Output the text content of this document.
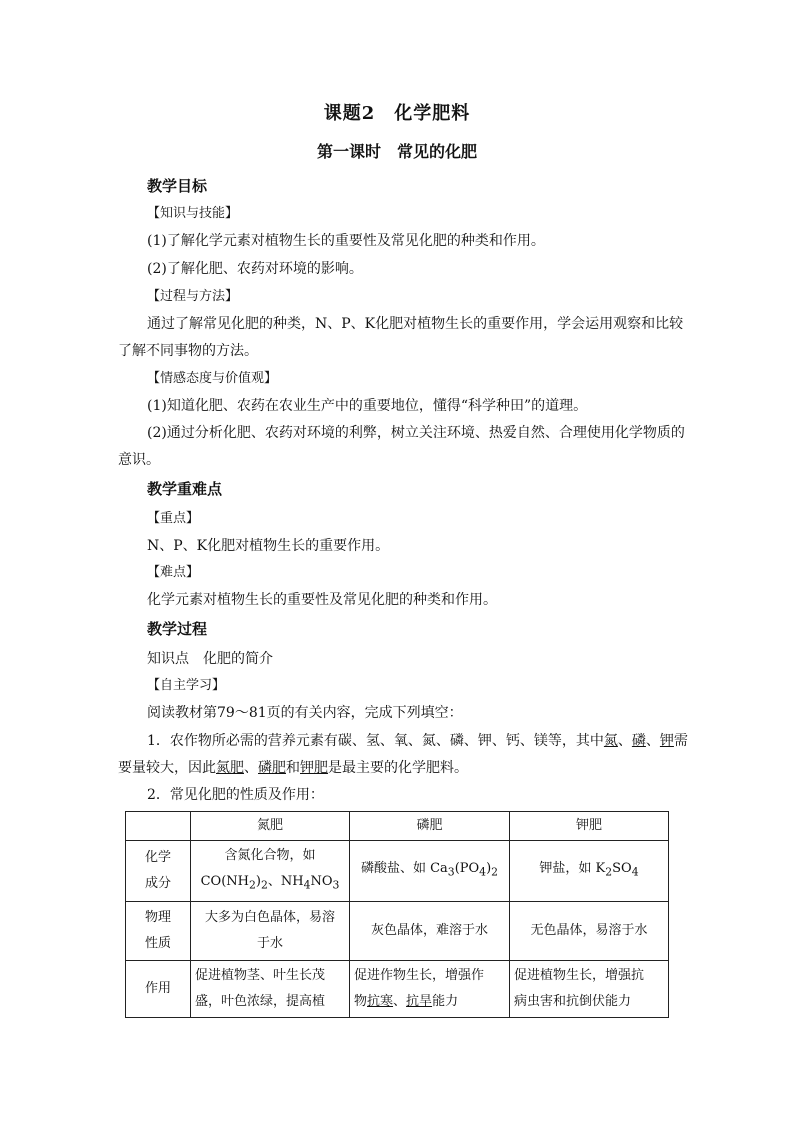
课题2　化学肥料
第一课时　常见的化肥
教学目标
【知识与技能】
(1)了解化学元素对植物生长的重要性及常见化肥的种类和作用。
(2)了解化肥、农药对环境的影响。
【过程与方法】
通过了解常见化肥的种类，N、P、K化肥对植物生长的重要作用，学会运用观察和比较
了解不同事物的方法。
【情感态度与价值观】
(1)知道化肥、农药在农业生产中的重要地位，懂得“科学种田”的道理。
(2)通过分析化肥、农药对环境的利弊，树立关注环境、热爱自然、合理使用化学物质的
意识。
教学重难点
【重点】
N、P、K化肥对植物生长的重要作用。
【难点】
化学元素对植物生长的重要性及常见化肥的种类和作用。
教学过程
知识点　化肥的简介
【自主学习】
阅读教材第79～81页的有关内容，完成下列填空：
1．农作物所必需的营养元素有碳、氢、氧、氮、磷、钾、钙、镁等，其中氮、磷、钾需
要量较大，因此氮肥、磷肥和钾肥是最主要的化学肥料。
2．常见化肥的性质及作用：
	氮肥	磷肥	钾肥
化学
成分	含氮化合物，如
$CO(NH_2)_2$、$NH_4NO_3$	磷酸盐、如 $Ca_3(PO_4)_2$	钾盐，如 $K_2SO_4$
物理
性质	大多为白色晶体，易溶
于水	灰色晶体，难溶于水	无色晶体，易溶于水
作用	促进植物茎、叶生长茂
盛，叶色浓绿，提高植	促进作物生长，增强作
物抗寒、抗旱能力	促进植物生长，增强抗
病虫害和抗倒伏能力
